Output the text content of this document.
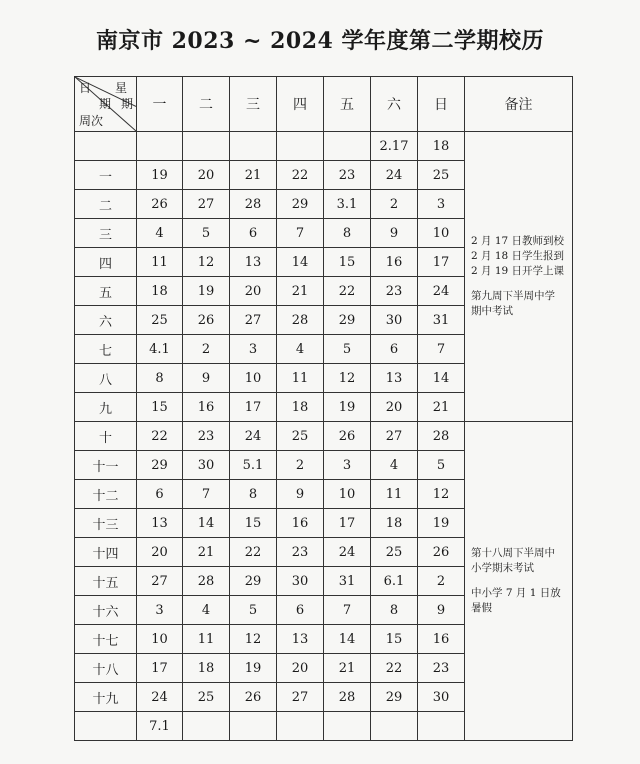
南京市 2023 ~ 2024 学年度第二学期校历
日 星
期 期
周次	一	二	三	四	五	六	日	备注
						2.17	18	2 月 17 日教师到校
2 月 18 日学生报到
2 月 19 日开学上课
第九周下半周中学
期中考试

一	19	20	21	22	23	24	25	
二	26	27	28	29	3.1	2	3	
三	4	5	6	7	8	9	10	
四	11	12	13	14	15	16	17	
五	18	19	20	21	22	23	24	
六	25	26	27	28	29	30	31	
七	4.1	2	3	4	5	6	7	
八	8	9	10	11	12	13	14	
九	15	16	17	18	19	20	21	
十	22	23	24	25	26	27	28	第十八周下半周中
小学期末考试
中小学 7 月 1 日放
暑假

十一	29	30	5.1	2	3	4	5	
十二	6	7	8	9	10	11	12	
十三	13	14	15	16	17	18	19	
十四	20	21	22	23	24	25	26	
十五	27	28	29	30	31	6.1	2	
十六	3	4	5	6	7	8	9	
十七	10	11	12	13	14	15	16	
十八	17	18	19	20	21	22	23	
十九	24	25	26	27	28	29	30	
	7.1							
